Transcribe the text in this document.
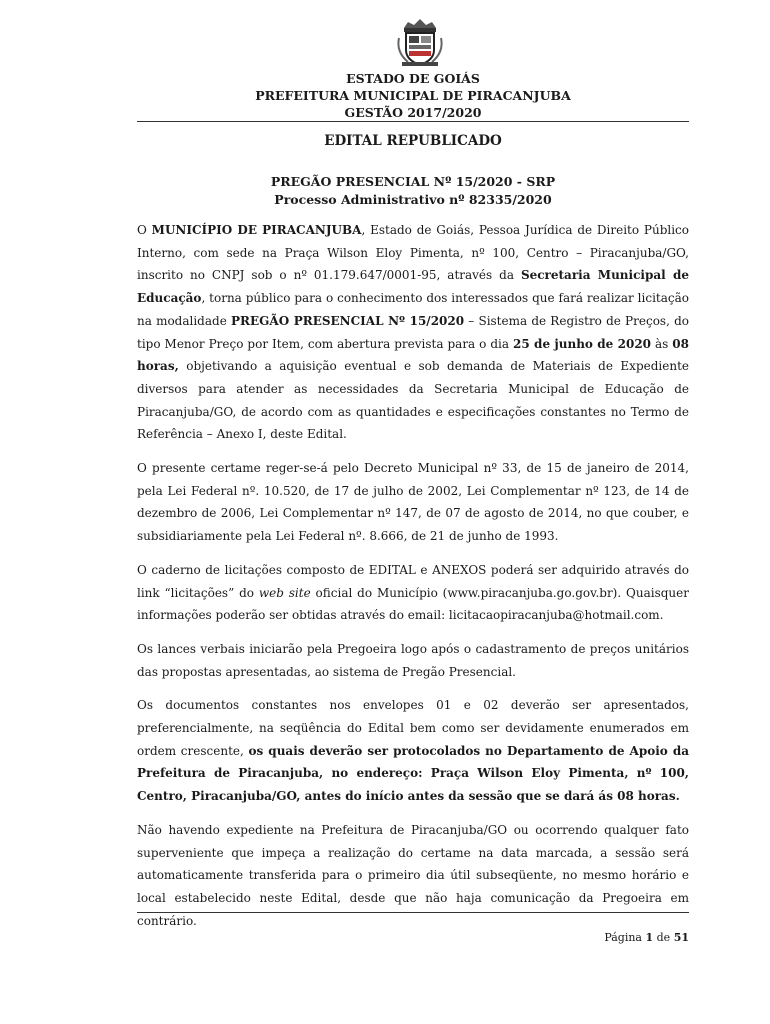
ESTADO DE GOIÁS
PREFEITURA MUNICIPAL DE PIRACANJUBA
GESTÃO 2017/2020
EDITAL REPUBLICADO
PREGÃO PRESENCIAL Nº 15/2020 - SRP
Processo Administrativo nº 82335/2020

O MUNICÍPIO DE PIRACANJUBA, Estado de Goiás, Pessoa Jurídica de Direito Público Interno, com sede na Praça Wilson Eloy Pimenta, nº 100, Centro – Piracanjuba/GO, inscrito no CNPJ sob o nº 01.179.647/0001-95, através da Secretaria Municipal de Educação, torna público para o conhecimento dos interessados que fará realizar licitação na modalidade PREGÃO PRESENCIAL Nº 15/2020 – Sistema de Registro de Preços, do tipo Menor Preço por Item, com abertura prevista para o dia 25 de junho de 2020 às 08 horas, objetivando a aquisição eventual e sob demanda de Materiais de Expediente diversos para atender as necessidades da Secretaria Municipal de Educação de Piracanjuba/GO, de acordo com as quantidades e especificações constantes no Termo de Referência – Anexo I, deste Edital.

O presente certame reger-se-á pelo Decreto Municipal nº 33, de 15 de janeiro de 2014, pela Lei Federal nº. 10.520, de 17 de julho de 2002, Lei Complementar nº 123, de 14 de dezembro de 2006, Lei Complementar nº 147, de 07 de agosto de 2014, no que couber, e subsidiariamente pela Lei Federal nº. 8.666, de 21 de junho de 1993.

O caderno de licitações composto de EDITAL e ANEXOS poderá ser adquirido através do link “licitações” do web site oficial do Município (www.piracanjuba.go.gov.br). Quaisquer informações poderão ser obtidas através do email: licitacaopiracanjuba@hotmail.com.

Os lances verbais iniciarão pela Pregoeira logo após o cadastramento de preços unitários das propostas apresentadas, ao sistema de Pregão Presencial.

Os documentos constantes nos envelopes 01 e 02 deverão ser apresentados, preferencialmente, na seqüência do Edital bem como ser devidamente enumerados em ordem crescente, os quais deverão ser protocolados no Departamento de Apoio da Prefeitura de Piracanjuba, no endereço: Praça Wilson Eloy Pimenta, nº 100, Centro, Piracanjuba/GO, antes do início antes da sessão que se dará ás 08 horas.

Não havendo expediente na Prefeitura de Piracanjuba/GO ou ocorrendo qualquer fato superveniente que impeça a realização do certame na data marcada, a sessão será automaticamente transferida para o primeiro dia útil subseqüente, no mesmo horário e local estabelecido neste Edital, desde que não haja comunicação da Pregoeira em contrário.

Página 1 de 51
